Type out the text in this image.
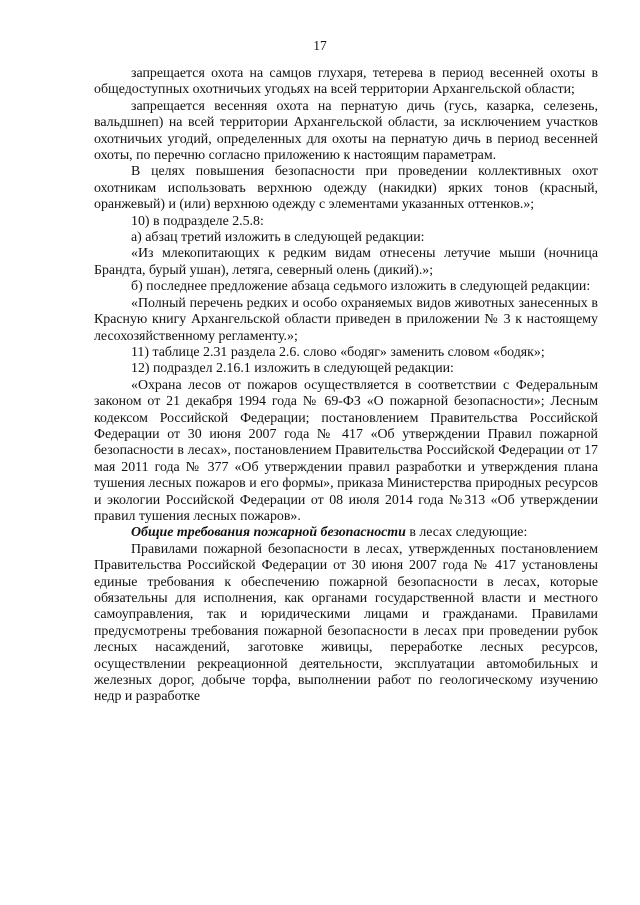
17

запрещается охота на самцов глухаря, тетерева в период весенней охоты в общедоступных охотничьих угодьях на всей территории Архангельской области;

запрещается весенняя охота на пернатую дичь (гусь, казарка, селезень, вальдшнеп) на всей территории Архангельской области, за исключением участков охотничьих угодий, определенных для охоты на пернатую дичь в период весенней охоты, по перечню согласно приложению к настоящим параметрам.

В целях повышения безопасности при проведении коллективных охот охотникам использовать верхнюю одежду (накидки) ярких тонов (красный, оранжевый) и (или) верхнюю одежду с элементами указанных оттенков.»;

10) в подразделе 2.5.8:

а) абзац третий изложить в следующей редакции:

«Из млекопитающих к редким видам отнесены летучие мыши (ночница Брандта, бурый ушан), летяга, северный олень (дикий).»;

б) последнее предложение абзаца седьмого изложить в следующей редакции:

«Полный перечень редких и особо охраняемых видов животных занесенных в Красную книгу Архангельской области приведен в приложении № 3 к настоящему лесохозяйственному регламенту.»;

11) таблице 2.31 раздела 2.6. слово «бодяг» заменить словом «бодяк»;

12) подраздел 2.16.1 изложить в следующей редакции:

«Охрана лесов от пожаров осуществляется в соответствии с Федеральным законом от 21 декабря 1994 года № 69-ФЗ «О пожарной безопасности»; Лесным кодексом Российской Федерации; постановлением Правительства Российской Федерации от 30 июня 2007 года № 417 «Об утверждении Правил пожарной безопасности в лесах», постановлением Правительства Российской Федерации от 17 мая 2011 года № 377 «Об утверждении правил разработки и утверждения плана тушения лесных пожаров и его формы», приказа Министерства природных ресурсов и экологии Российской Федерации от 08 июля 2014 года №313 «Об утверждении правил тушения лесных пожаров».

Общие требования пожарной безопасности в лесах следующие:

Правилами пожарной безопасности в лесах, утвержденных постановлением Правительства Российской Федерации от 30 июня 2007 года № 417 установлены единые требования к обеспечению пожарной безопасности в лесах, которые обязательны для исполнения, как органами государственной власти и местного самоуправления, так и юридическими лицами и гражданами. Правилами предусмотрены требования пожарной безопасности в лесах при проведении рубок лесных насаждений, заготовке живицы, переработке лесных ресурсов, осуществлении рекреационной деятельности, эксплуатации автомобильных и железных дорог, добыче торфа, выполнении работ по геологическому изучению недр и разработке
